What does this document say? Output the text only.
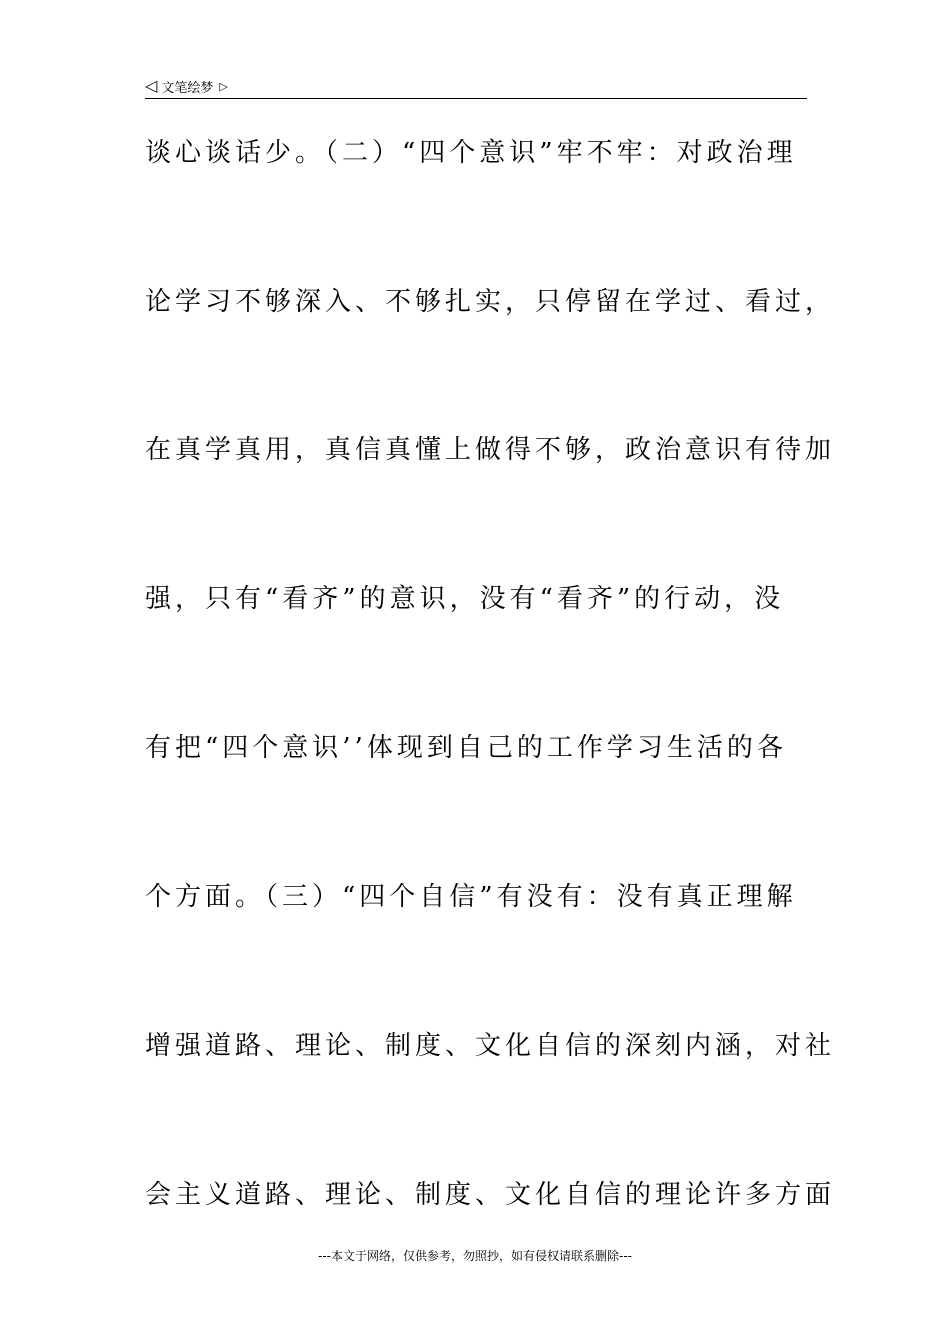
◁ 文笔绘梦 ▷
谈心谈话少。（二）“四个意识”牢不牢：对政治理
论学习不够深入、不够扎实，只停留在学过、看过，
在真学真用，真信真懂上做得不够，政治意识有待加
强，只有“看齐”的意识，没有“看齐”的行动，没
有把“四个意识’’体现到自己的工作学习生活的各
个方面。（三）“四个自信”有没有：没有真正理解
增强道路、理论、制度、文化自信的深刻内涵，对社
会主义道路、理论、制度、文化自信的理论许多方面
---本文于网络，仅供参考，勿照抄，如有侵权请联系删除---
